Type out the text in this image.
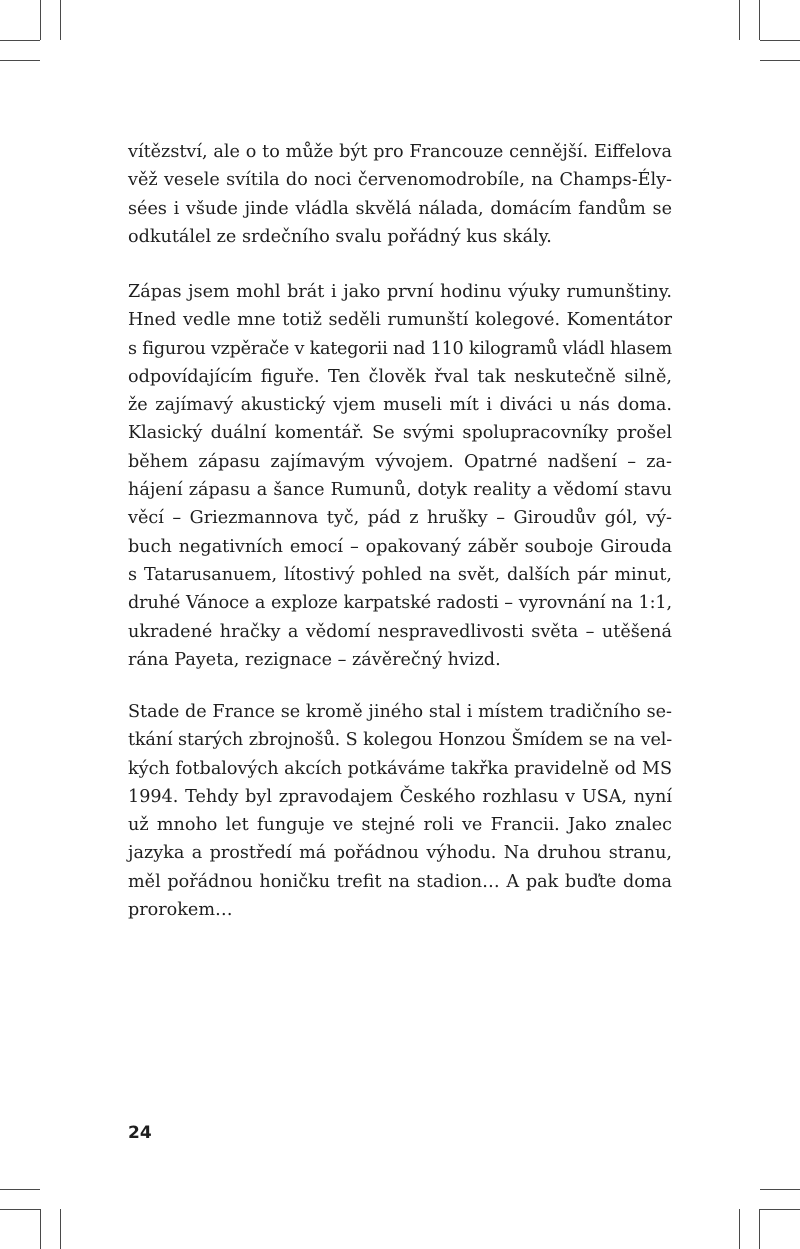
vítězství, ale o to může být pro Francouze cennější. Eiffelova
věž vesele svítila do noci červenomodrobíle, na Champs-Ély-
sées i všude jinde vládla skvělá nálada, domácím fandům se
odkutálel ze srdečního svalu pořádný kus skály.
Zápas jsem mohl brát i jako první hodinu výuky rumunštiny.
Hned vedle mne totiž seděli rumunští kolegové. Komentátor
s figurou vzpěrače v kategorii nad 110 kilogramů vládl hlasem
odpovídajícím figuře. Ten člověk řval tak neskutečně silně,
že zajímavý akustický vjem museli mít i diváci u nás doma.
Klasický duální komentář. Se svými spolupracovníky prošel
během zápasu zajímavým vývojem. Opatrné nadšení – za-
hájení zápasu a šance Rumunů, dotyk reality a vědomí stavu
věcí – Griezmannova tyč, pád z hrušky – Giroudův gól, vý-
buch negativních emocí – opakovaný záběr souboje Girouda
s Tatarusanuem, lítostivý pohled na svět, dalších pár minut,
druhé Vánoce a exploze karpatské radosti – vyrovnání na 1:1,
ukradené hračky a vědomí nespravedlivosti světa – utěšená
rána Payeta, rezignace – závěrečný hvizd.
Stade de France se kromě jiného stal i místem tradičního se-
tkání starých zbrojnošů. S kolegou Honzou Šmídem se na vel-
kých fotbalových akcích potkáváme takřka pravidelně od MS
1994. Tehdy byl zpravodajem Českého rozhlasu v USA, nyní
už mnoho let funguje ve stejné roli ve Francii. Jako znalec
jazyka a prostředí má pořádnou výhodu. Na druhou stranu,
měl pořádnou honičku trefit na stadion… A pak buďte doma
prorokem…
24
